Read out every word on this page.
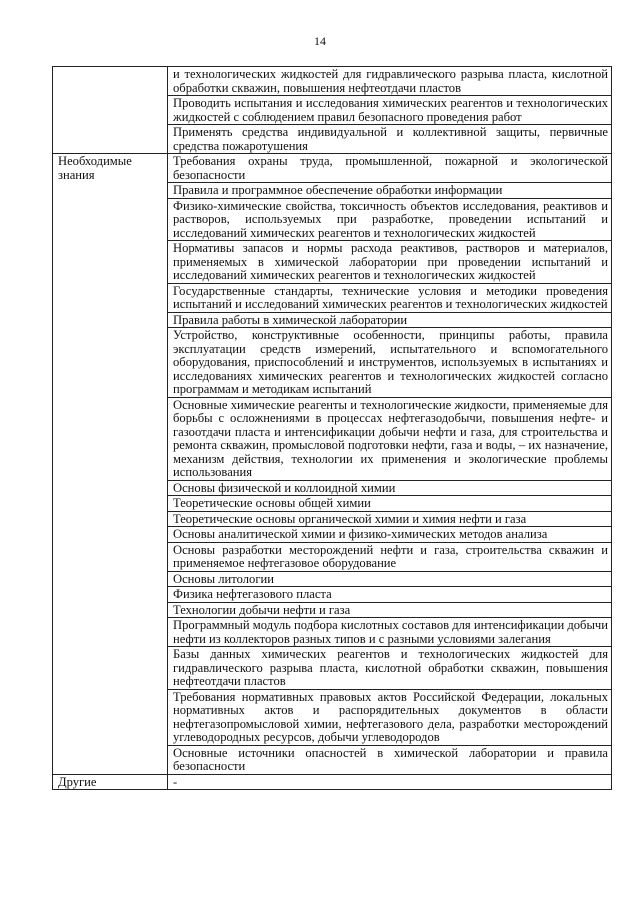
14
	и технологических жидкостей для гидравлического разрыва пласта, кислотной обработки скважин, повышения нефтеотдачи пластов
	Проводить испытания и исследования химических реагентов и технологических жидкостей с соблюдением правил безопасного проведения работ
	Применять средства индивидуальной и коллективной защиты, первичные средства пожаротушения
Необходимые знания	Требования охраны труда, промышленной, пожарной и экологической безопасности
	Правила и программное обеспечение обработки информации
	Физико-химические свойства, токсичность объектов исследования, реактивов и растворов, используемых при разработке, проведении испытаний и исследований химических реагентов и технологических жидкостей
	Нормативы запасов и нормы расхода реактивов, растворов и материалов, применяемых в химической лаборатории при проведении испытаний и исследований химических реагентов и технологических жидкостей
	Государственные стандарты, технические условия и методики проведения испытаний и исследований химических реагентов и технологических жидкостей
	Правила работы в химической лаборатории
	Устройство, конструктивные особенности, принципы работы, правила эксплуатации средств измерений, испытательного и вспомогательного оборудования, приспособлений и инструментов, используемых в испытаниях и исследованиях химических реагентов и технологических жидкостей согласно программам и методикам испытаний
	Основные химические реагенты и технологические жидкости, применяемые для борьбы с осложнениями в процессах нефтегазодобычи, повышения нефте- и газоотдачи пласта и интенсификации добычи нефти и газа, для строительства и ремонта скважин, промысловой подготовки нефти, газа и воды, – их назначение, механизм действия, технологии их применения и экологические проблемы использования
	Основы физической и коллоидной химии
	Теоретические основы общей химии
	Теоретические основы органической химии и химия нефти и газа
	Основы аналитической химии и физико-химических методов анализа
	Основы разработки месторождений нефти и газа, строительства скважин и применяемое нефтегазовое оборудование
	Основы литологии
	Физика нефтегазового пласта
	Технологии добычи нефти и газа
	Программный модуль подбора кислотных составов для интенсификации добычи нефти из коллекторов разных типов и с разными условиями залегания
	Базы данных химических реагентов и технологических жидкостей для гидравлического разрыва пласта, кислотной обработки скважин, повышения нефтеотдачи пластов
	Требования нормативных правовых актов Российской Федерации, локальных нормативных актов и распорядительных документов в области нефтегазопромысловой химии, нефтегазового дела, разработки месторождений углеводородных ресурсов, добычи углеводородов
	Основные источники опасностей в химической лаборатории и правила безопасности
Другие	-
